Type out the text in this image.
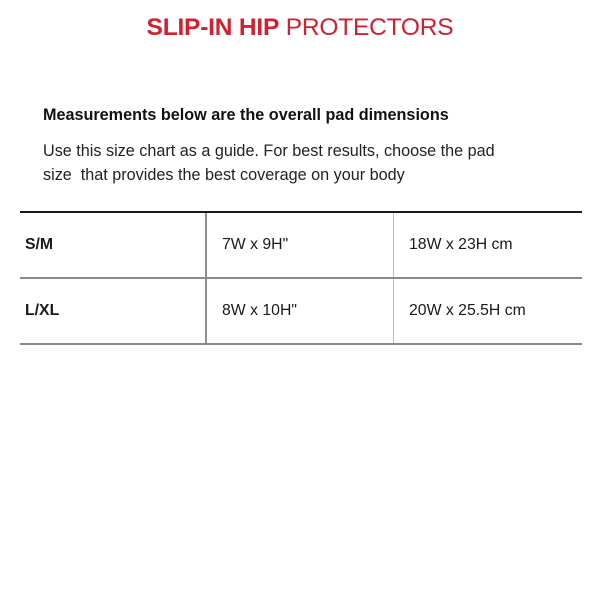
SLIP-IN HIP PROTECTORS
Measurements below are the overall pad dimensions
Use this size chart as a guide. For best results, choose the pad
size  that provides the best coverage on your body
S/M	7W x 9H"	18W x 23H cm
L/XL	8W x 10H"	20W x 25.5H cm
